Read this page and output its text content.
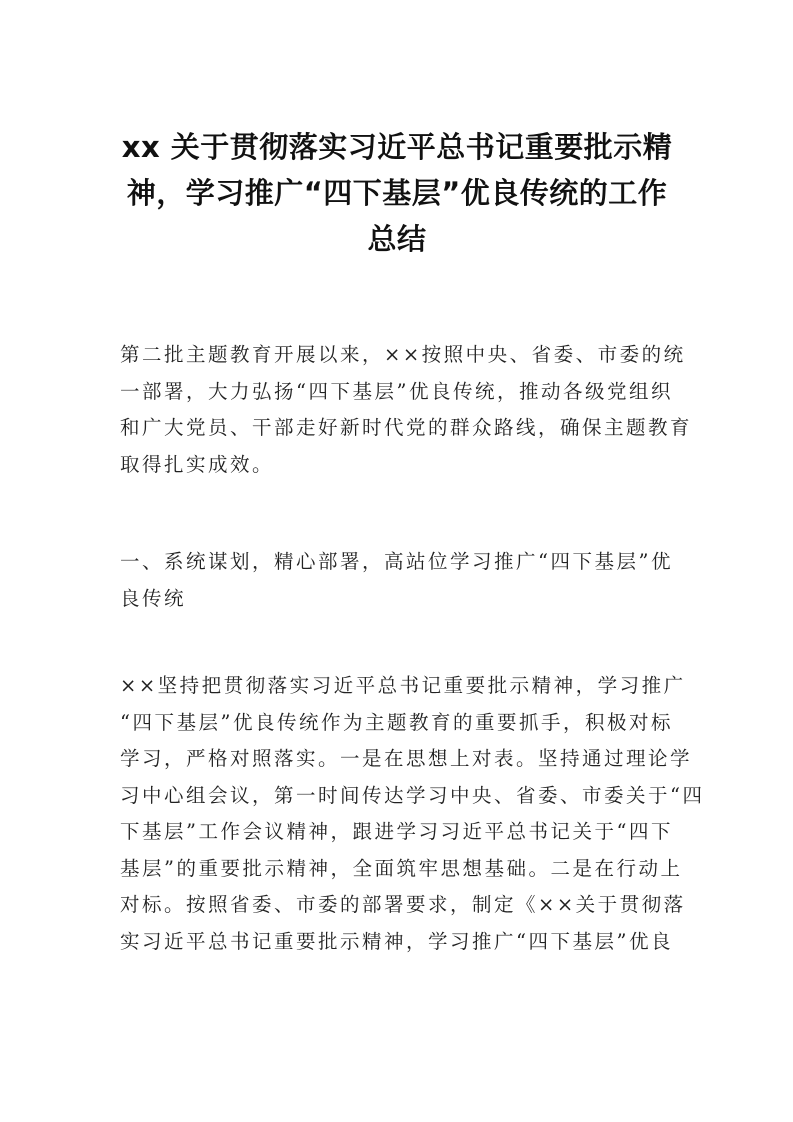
xx 关于贯彻落实习近平总书记重要批示精
神，学习推广“四下基层”优良传统的工作
总结

第二批主题教育开展以来，××按照中央、省委、市委的统
一部署，大力弘扬“四下基层”优良传统，推动各级党组织
和广大党员、干部走好新时代党的群众路线，确保主题教育
取得扎实成效。

一、系统谋划，精心部署，高站位学习推广“四下基层”优
良传统

××坚持把贯彻落实习近平总书记重要批示精神，学习推广
“四下基层”优良传统作为主题教育的重要抓手，积极对标
学习，严格对照落实。一是在思想上对表。坚持通过理论学
习中心组会议，第一时间传达学习中央、省委、市委关于“四
下基层”工作会议精神，跟进学习习近平总书记关于“四下
基层”的重要批示精神，全面筑牢思想基础。二是在行动上
对标。按照省委、市委的部署要求，制定《××关于贯彻落
实习近平总书记重要批示精神，学习推广“四下基层”优良
